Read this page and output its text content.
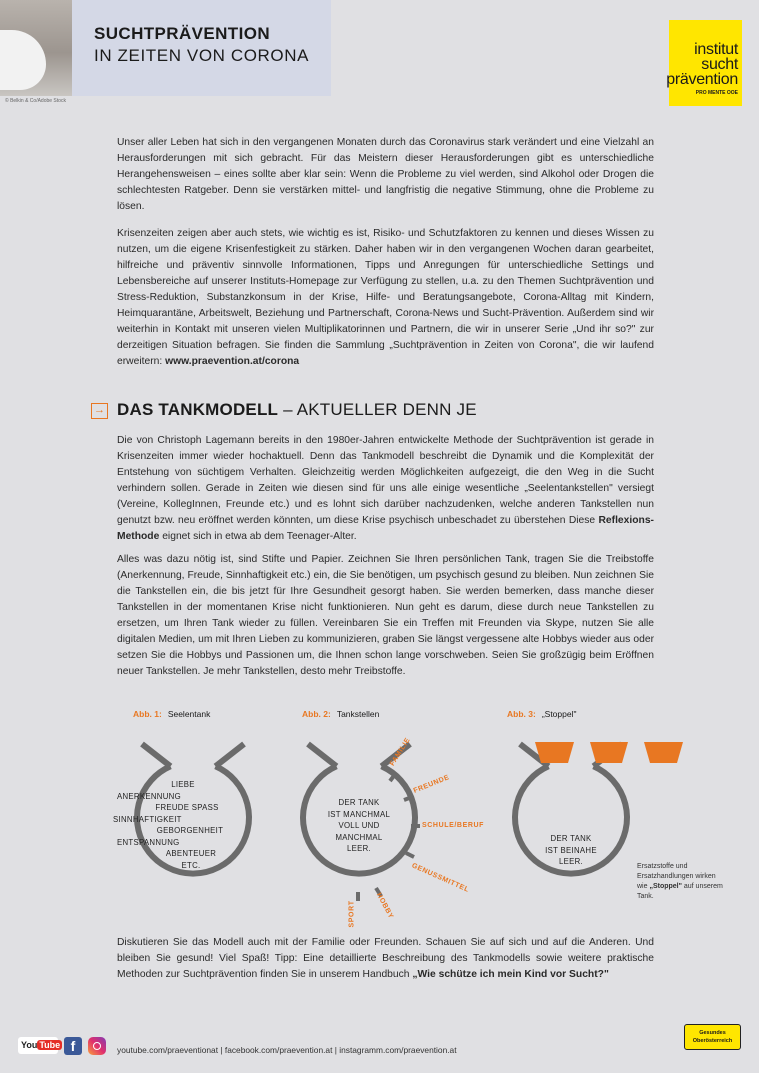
SUCHTPRÄVENTION
IN ZEITEN VON CORONA
© Belkin & Co/Adobe Stock
institut
sucht
prävention
PRO MENTE OOE
Unser aller Leben hat sich in den vergangenen Monaten durch das Coronavirus stark verändert und eine Vielzahl an Herausforderungen mit sich gebracht. Für das Meistern dieser Herausforderungen gibt es unterschiedliche Herangehensweisen – eines sollte aber klar sein: Wenn die Probleme zu viel werden, sind Alkohol oder Drogen die schlechtesten Ratgeber. Denn sie verstärken mittel- und langfristig die negative Stimmung, ohne die Probleme zu lösen.
Krisenzeiten zeigen aber auch stets, wie wichtig es ist, Risiko- und Schutzfaktoren zu kennen und dieses Wissen zu nutzen, um die eigene Krisenfestigkeit zu stärken. Daher haben wir in den vergangenen Wochen daran gearbeitet, hilfreiche und präventiv sinnvolle Informationen, Tipps und Anregungen für unterschiedliche Settings und Lebensbereiche auf unserer Instituts-Homepage zur Verfügung zu stellen, u.a. zu den Themen Suchtprävention und Stress-Reduktion, Substanzkonsum in der Krise, Hilfe- und Beratungsangebote, Corona-Alltag mit Kindern, Heimquarantäne, Arbeitswelt, Beziehung und Partnerschaft, Corona-News und Sucht-Prävention. Außerdem sind wir weiterhin in Kontakt mit unseren vielen Multiplikatorinnen und Partnern, die wir in unserer Serie „Und ihr so?" zur derzeitigen Situation befragen. Sie finden die Sammlung „Suchtprävention in Zeiten von Corona", die wir laufend erweitern: www.praevention.at/corona
→ DAS TANKMODELL – AKTUELLER DENN JE
Die von Christoph Lagemann bereits in den 1980er-Jahren entwickelte Methode der Suchtprävention ist gerade in Krisenzeiten immer wieder hochaktuell. Denn das Tankmodell beschreibt die Dynamik und die Komplexität der Entstehung von süchtigem Verhalten. Gleichzeitig werden Möglichkeiten aufgezeigt, die den Weg in die Sucht verhindern sollen. Gerade in Zeiten wie diesen sind für uns alle einige wesentliche „Seelentankstellen" versiegt (Vereine, KollegInnen, Freunde etc.) und es lohnt sich darüber nachzudenken, welche anderen Tankstellen nun genutzt bzw. neu eröffnet werden könnten, um diese Krise psychisch unbeschadet zu überstehen Diese Reflexions-Methode eignet sich in etwa ab dem Teenager-Alter.
Alles was dazu nötig ist, sind Stifte und Papier. Zeichnen Sie Ihren persönlichen Tank, tragen Sie die Treibstoffe (Anerkennung, Freude, Sinnhaftigkeit etc.) ein, die Sie benötigen, um psychisch gesund zu bleiben. Nun zeichnen Sie die Tankstellen ein, die bis jetzt für Ihre Gesundheit gesorgt haben. Sie werden bemerken, dass manche dieser Tankstellen in der momentanen Krise nicht funktionieren. Nun geht es darum, diese durch neue Tankstellen zu ersetzen, um Ihren Tank wieder zu füllen. Vereinbaren Sie ein Treffen mit Freunden via Skype, nutzen Sie alle digitalen Medien, um mit Ihren Lieben zu kommunizieren, graben Sie längst vergessene alte Hobbys wieder aus oder setzen Sie die Hobbys und Passionen um, die Ihnen schon lange vorschweben. Seien Sie großzügig beim Eröffnen neuer Tankstellen. Je mehr Tankstellen, desto mehr Treibstoffe.
Abb. 1: Seelentank	Abb. 2: Tankstellen	Abb. 3: „Stoppel"
LIEBE
ANERKENNUNG
FREUDE SPASS
SINNHAFTIGKEIT
GEBORGENHEIT
ENTSPANNUNG
ABENTEUER
ETC.
DER TANK
IST MANCHMAL
VOLL UND
MANCHMAL
LEER.
FAMILIE
FREUNDE
SCHULE/BERUF
GENUSSMITTEL
HOBBY
SPORT
DER TANK
IST BEINAHE
LEER.
Ersatzstoffe und Ersatzhandlungen wirken wie „Stoppel" auf unserem Tank.
Diskutieren Sie das Modell auch mit der Familie oder Freunden. Schauen Sie auf sich und auf die Anderen. Und bleiben Sie gesund! Viel Spaß! Tipp: Eine detaillierte Beschreibung des Tankmodells sowie weitere praktische Methoden zur Suchtprävention finden Sie in unserem Handbuch „Wie schütze ich mein Kind vor Sucht?"
You Tube f	youtube.com/praeventionat | facebook.com/praevention.at | instagramm.com/praevention.at
Gesundes
Oberösterreich
